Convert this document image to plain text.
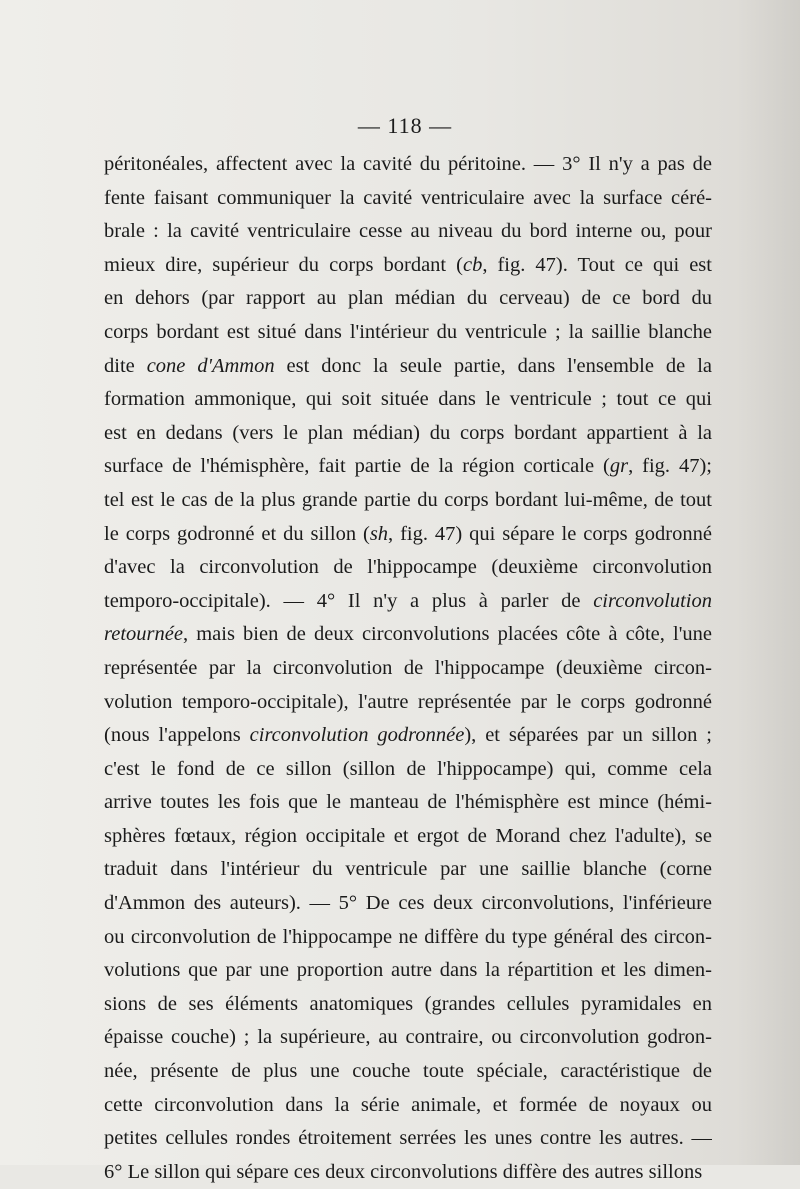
— 118 —
péritonéales, affectent avec la cavité du péritoine. — 3° Il n'y a pas de
fente faisant communiquer la cavité ventriculaire avec la surface céré-
brale : la cavité ventriculaire cesse au niveau du bord interne ou, pour
mieux dire, supérieur du corps bordant (cb, fig. 47). Tout ce qui est
en dehors (par rapport au plan médian du cerveau) de ce bord du
corps bordant est situé dans l'intérieur du ventricule ; la saillie blanche
dite cone d'Ammon est donc la seule partie, dans l'ensemble de la
formation ammonique, qui soit située dans le ventricule ; tout ce qui
est en dedans (vers le plan médian) du corps bordant appartient à la
surface de l'hémisphère, fait partie de la région corticale (gr, fig. 47);
tel est le cas de la plus grande partie du corps bordant lui-même, de tout
le corps godronné et du sillon (sh, fig. 47) qui sépare le corps godronné
d'avec la circonvolution de l'hippocampe (deuxième circonvolution
temporo-occipitale). — 4° Il n'y a plus à parler de circonvolution
retournée, mais bien de deux circonvolutions placées côte à côte, l'une
représentée par la circonvolution de l'hippocampe (deuxième circon-
volution temporo-occipitale), l'autre représentée par le corps godronné
(nous l'appelons circonvolution godronnée), et séparées par un sillon ;
c'est le fond de ce sillon (sillon de l'hippocampe) qui, comme cela
arrive toutes les fois que le manteau de l'hémisphère est mince (hémi-
sphères fœtaux, région occipitale et ergot de Morand chez l'adulte), se
traduit dans l'intérieur du ventricule par une saillie blanche (corne
d'Ammon des auteurs). — 5° De ces deux circonvolutions, l'inférieure
ou circonvolution de l'hippocampe ne diffère du type général des circon-
volutions que par une proportion autre dans la répartition et les dimen-
sions de ses éléments anatomiques (grandes cellules pyramidales en
épaisse couche) ; la supérieure, au contraire, ou circonvolution godron-
née, présente de plus une couche toute spéciale, caractéristique de
cette circonvolution dans la série animale, et formée de noyaux ou
petites cellules rondes étroitement serrées les unes contre les autres. —
6° Le sillon qui sépare ces deux circonvolutions diffère des autres sillons
